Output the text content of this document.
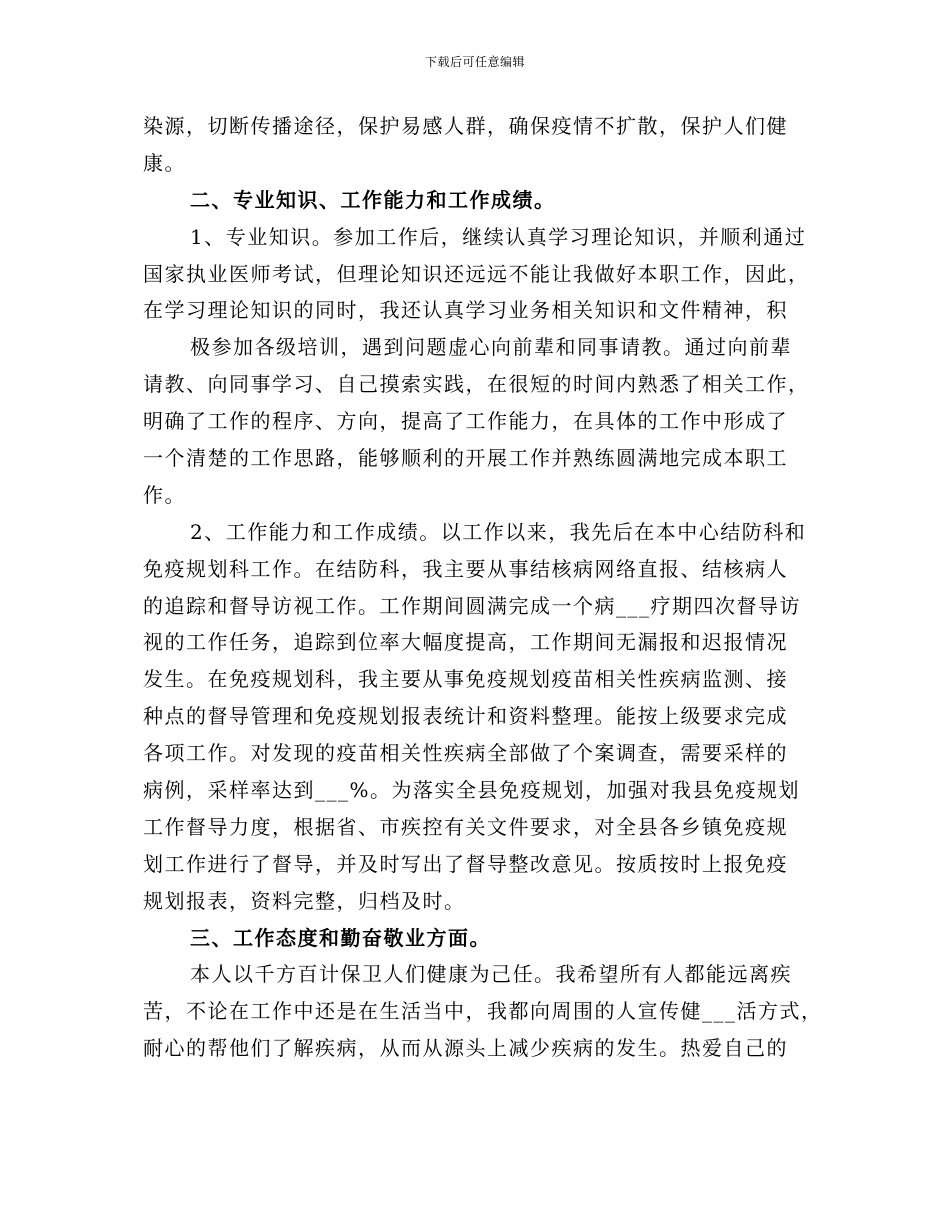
下载后可任意编辑
染源，切断传播途径，保护易感人群，确保疫情不扩散，保护人们健
康。
二、专业知识、工作能力和工作成绩。
1、专业知识。参加工作后，继续认真学习理论知识，并顺利通过
国家执业医师考试，但理论知识还远远不能让我做好本职工作，因此，
在学习理论知识的同时，我还认真学习业务相关知识和文件精神，积
极参加各级培训，遇到问题虚心向前辈和同事请教。通过向前辈
请教、向同事学习、自己摸索实践，在很短的时间内熟悉了相关工作，
明确了工作的程序、方向，提高了工作能力，在具体的工作中形成了
一个清楚的工作思路，能够顺利的开展工作并熟练圆满地完成本职工
作。
2、工作能力和工作成绩。以工作以来，我先后在本中心结防科和
免疫规划科工作。在结防科，我主要从事结核病网络直报、结核病人
的追踪和督导访视工作。工作期间圆满完成一个病___疗期四次督导访
视的工作任务，追踪到位率大幅度提高，工作期间无漏报和迟报情况
发生。在免疫规划科，我主要从事免疫规划疫苗相关性疾病监测、接
种点的督导管理和免疫规划报表统计和资料整理。能按上级要求完成
各项工作。对发现的疫苗相关性疾病全部做了个案调查，需要采样的
病例，采样率达到___%。为落实全县免疫规划，加强对我县免疫规划
工作督导力度，根据省、市疾控有关文件要求，对全县各乡镇免疫规
划工作进行了督导，并及时写出了督导整改意见。按质按时上报免疫
规划报表，资料完整，归档及时。
三、工作态度和勤奋敬业方面。
本人以千方百计保卫人们健康为己任。我希望所有人都能远离疾
苦，不论在工作中还是在生活当中，我都向周围的人宣传健___活方式，
耐心的帮他们了解疾病，从而从源头上减少疾病的发生。热爱自己的
